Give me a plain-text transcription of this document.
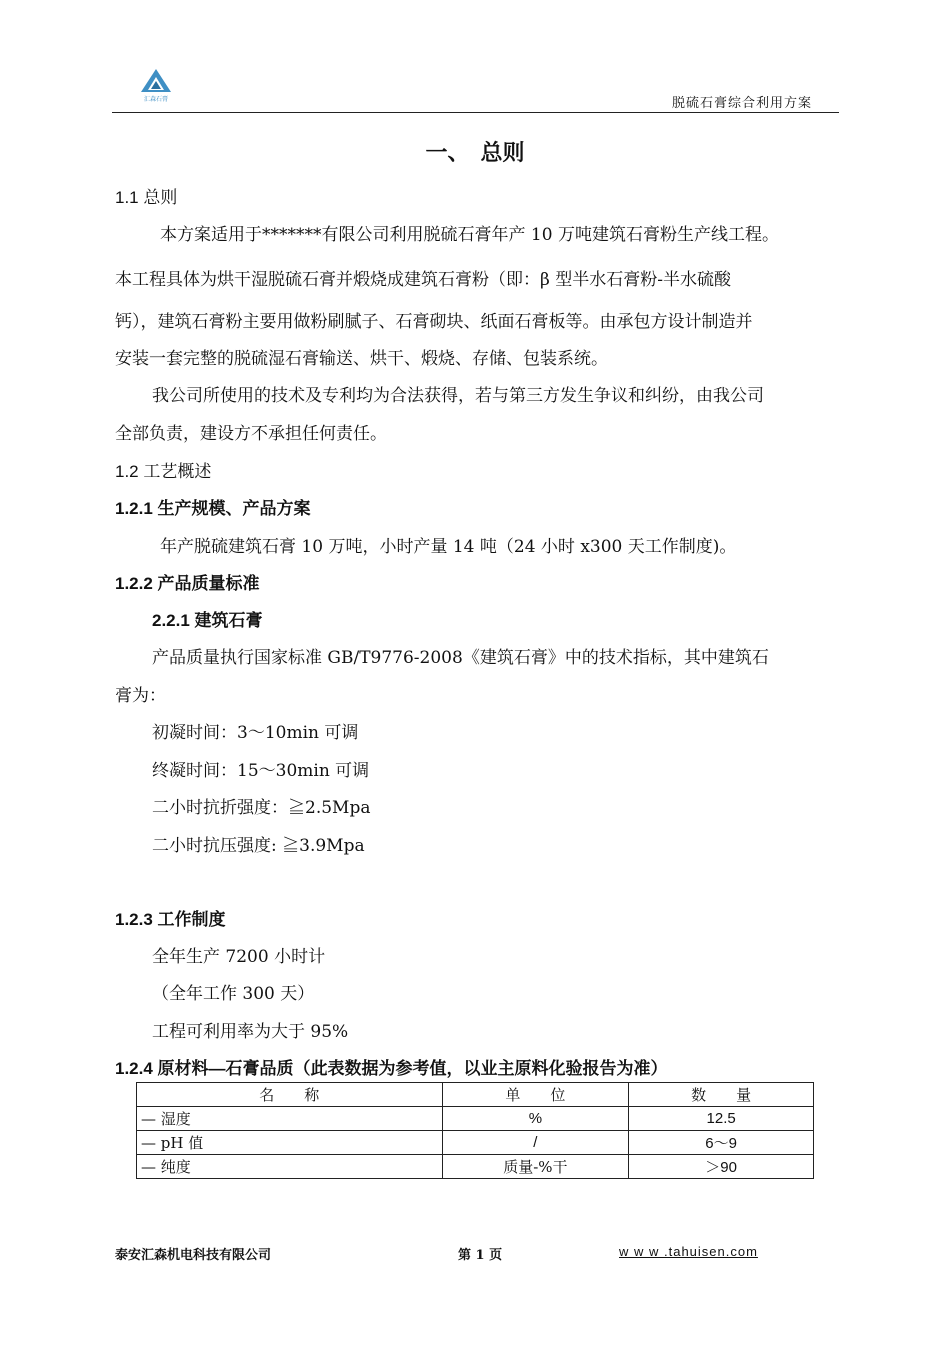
汇森石膏	脱硫石膏综合利用方案
一、　总则
1.1 总则
本方案适用于*******有限公司利用脱硫石膏年产 10 万吨建筑石膏粉生产线工程。
本工程具体为烘干湿脱硫石膏并煅烧成建筑石膏粉（即：β 型半水石膏粉-半水硫酸
钙），建筑石膏粉主要用做粉刷腻子、石膏砌块、纸面石膏板等。由承包方设计制造并
安装一套完整的脱硫湿石膏输送、烘干、煅烧、存储、包装系统。
我公司所使用的技术及专利均为合法获得，若与第三方发生争议和纠纷，由我公司
全部负责，建设方不承担任何责任。
1.2 工艺概述
1.2.1 生产规模、产品方案
年产脱硫建筑石膏 10 万吨，小时产量 14 吨（24 小时 x300 天工作制度)。
1.2.2 产品质量标准
2.2.1 建筑石膏
产品质量执行国家标准 GB/T9776-2008《建筑石膏》中的技术指标，其中建筑石
膏为：
初凝时间：3～10min 可调
终凝时间：15～30min 可调
二小时抗折强度：≧2.5Mpa
二小时抗压强度: ≧3.9Mpa
1.2.3 工作制度
全年生产 7200 小时计
（全年工作 300 天）
工程可利用率为大于 95%
1.2.4 原材料—石膏品质（此表数据为参考值，以业主原料化验报告为准）
名　　称	单　　位	数　　量
— 湿度	%	12.5
— pH 值	/	6～9
— 纯度	质量-%干	＞90
泰安汇森机电科技有限公司	第 1 页	w w w .tahuisen.com
